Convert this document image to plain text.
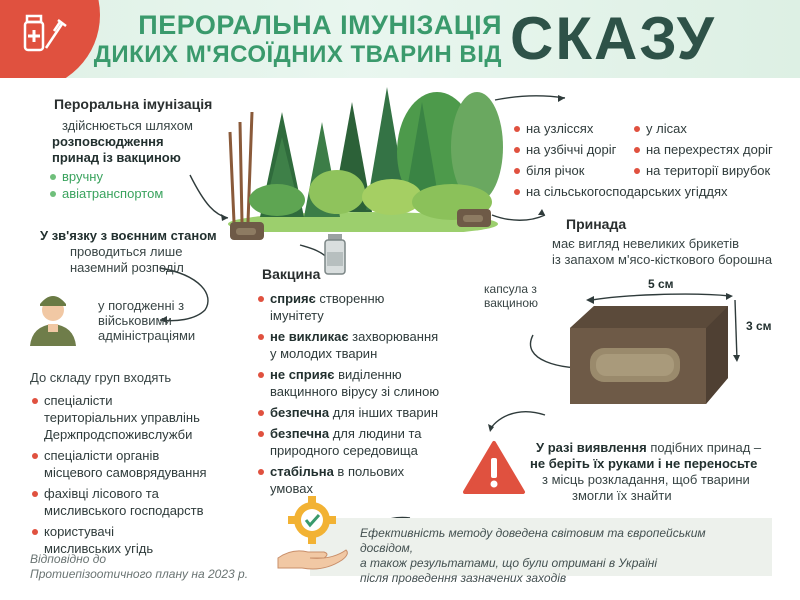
ПЕРОРАЛЬНА ІМУНІЗАЦІЯ
ДИКИХ М'ЯСОЇДНИХ ТВАРИН ВІД СКАЗУ
Пероральна імунізація
здійснюється шляхом
розповсюдження
принад із вакциною
вручну
авіатранспортом
У зв'язку з воєнним станом
проводиться лише
наземний розподіл
у погодженні з
військовими
адміністраціями
До складу груп входять
спеціалісти
територіальних управлінь
Держпродспоживслужби
спеціалісти органів
місцевого самоврядування
фахівці лісового та
мисливського господарств
користувачі
мисливських угідь
Відповідно до
Протиепізоотичного плану на 2023 р.
на узліссях
на узбіччі доріг
біля річок
на сільськогосподарських угіддях
у лісах
на перехрестях доріг
на території вирубок
Принада
має вигляд невеликих брикетів
із запахом м'ясо-кісткового борошна
капсула з
вакциною
5 см
3 см
Вакцина
сприяє створенню
імунітету
не викликає захворювання
у молодих тварин
не сприяє виділенню
вакцинного вірусу зі слиною
безпечна для інших тварин
безпечна для людини та
природного середовища
стабільна в польових
умовах
У разі виявлення подібних принад –
не беріть їх руками і не переносьте
з місць розкладання, щоб тварини
змогли їх знайти
Ефективність методу доведена світовим та європейським досвідом,
а також результатами, що були отримані в Україні
після проведення зазначених заходів
